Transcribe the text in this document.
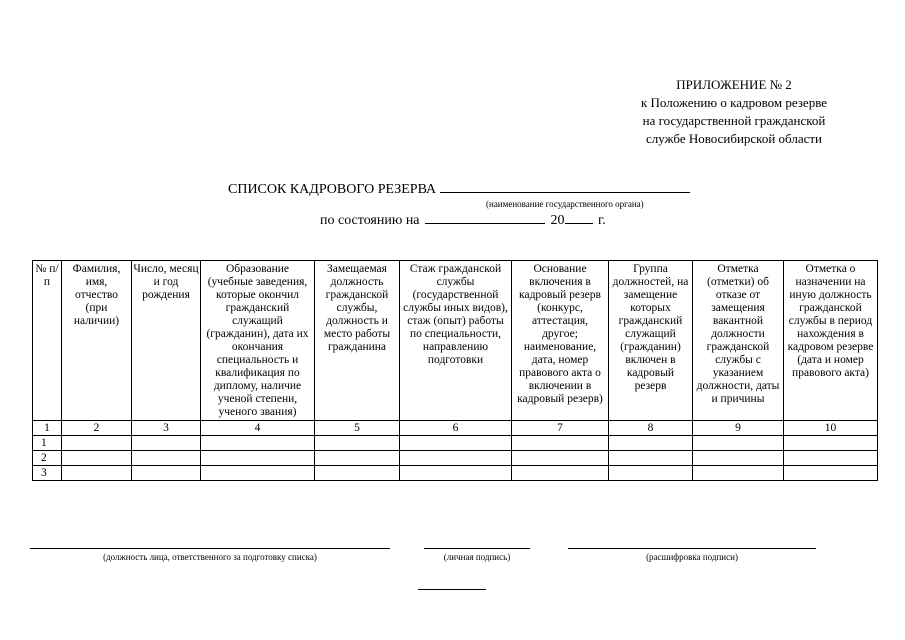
ПРИЛОЖЕНИЕ № 2
к Положению о кадровом резерве
на государственной гражданской
службе Новосибирской области
СПИСОК КАДРОВОГО РЕЗЕРВА
(наименование государственного органа)
по состоянию на	20 г.
№ п/п	Фамилия, имя, отчество (при наличии)	Число, месяц и год рождения	Образование (учебные заведения, которые окончил гражданский служащий (гражданин), дата их окончания специальность и квалификация по диплому, наличие ученой степени, ученого звания)	Замещаемая должность гражданской службы, должность и место работы гражданина	Стаж гражданской службы (государственной службы иных видов), стаж (опыт) работы по специальности, направлению подготовки	Основание включения в кадровый резерв (конкурс, аттестация, другое; наименование, дата, номер правового акта о включении в кадровый резерв)	Группа должностей, на замещение которых гражданский служащий (гражданин) включен в кадровый резерв	Отметка (отметки) об отказе от замещения вакантной должности гражданской службы с указанием должности, даты и причины	Отметка о назначении на иную должность гражданской службы в период нахождения в кадровом резерве (дата и номер правового акта)
1	2	3	4	5	6	7	8	9	10
1									
2									
3									
(должность лица, ответственного за подготовку списка)	(личная подпись)	(расшифровка подписи)
